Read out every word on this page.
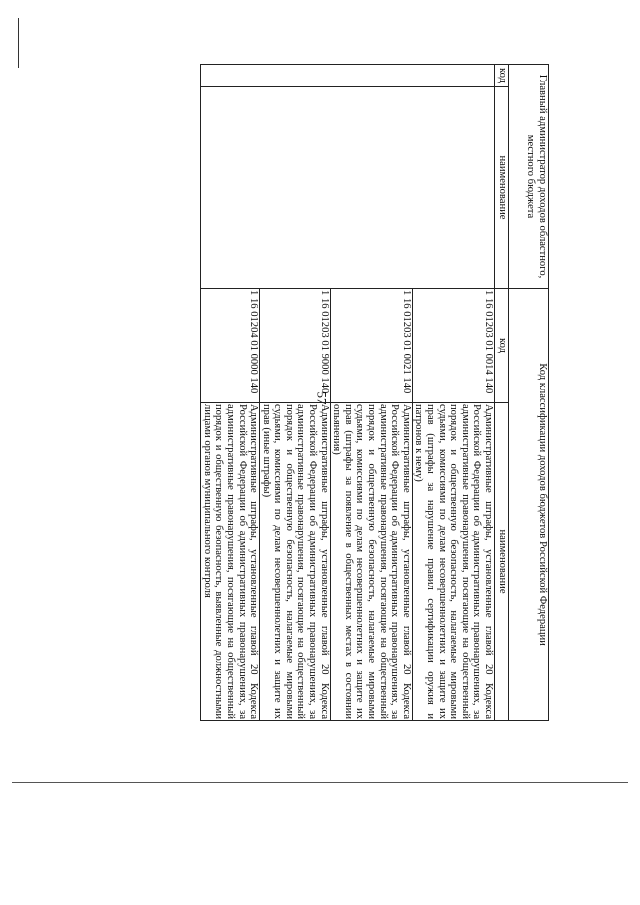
57
Главный администратор доходов областного, местного бюджета		Код классификации доходов бюджетов Российской Федерации	
код	наименование	код	наименование
		1 16 01203 01 0014 140	Административные штрафы, установленные главой 20 Кодекса Российской Федерации об административных правонарушениях, за административные правонарушения, посягающие на общественный порядок и общественную безопасность, налагаемые мировыми судьями, комиссиями по делам несовершеннолетних и защите их прав (штрафы за нарушение правил сертификации оружия и патронов к нему)
		1 16 01203 01 0021 140	Административные штрафы, установленные главой 20 Кодекса Российской Федерации об административных правонарушениях, за административные правонарушения, посягающие на общественный порядок и общественную безопасность, налагаемые мировыми судьями, комиссиями по делам несовершеннолетних и защите их прав (штрафы за появление в общественных местах в состоянии опьянения)
		1 16 01203 01 9000 140	Административные штрафы, установленные главой 20 Кодекса Российской Федерации об административных правонарушениях, за административные правонарушения, посягающие на общественный порядок и общественную безопасность, налагаемые мировыми судьями, комиссиями по делам несовершеннолетних и защите их прав (иные штрафы)
		1 16 01204 01 0000 140	Административные штрафы, установленные главой 20 Кодекса Российской Федерации об административных правонарушениях, за административные правонарушения, посягающие на общественный порядок и общественную безопасность, выявленные должностными лицами органов муниципального контроля
